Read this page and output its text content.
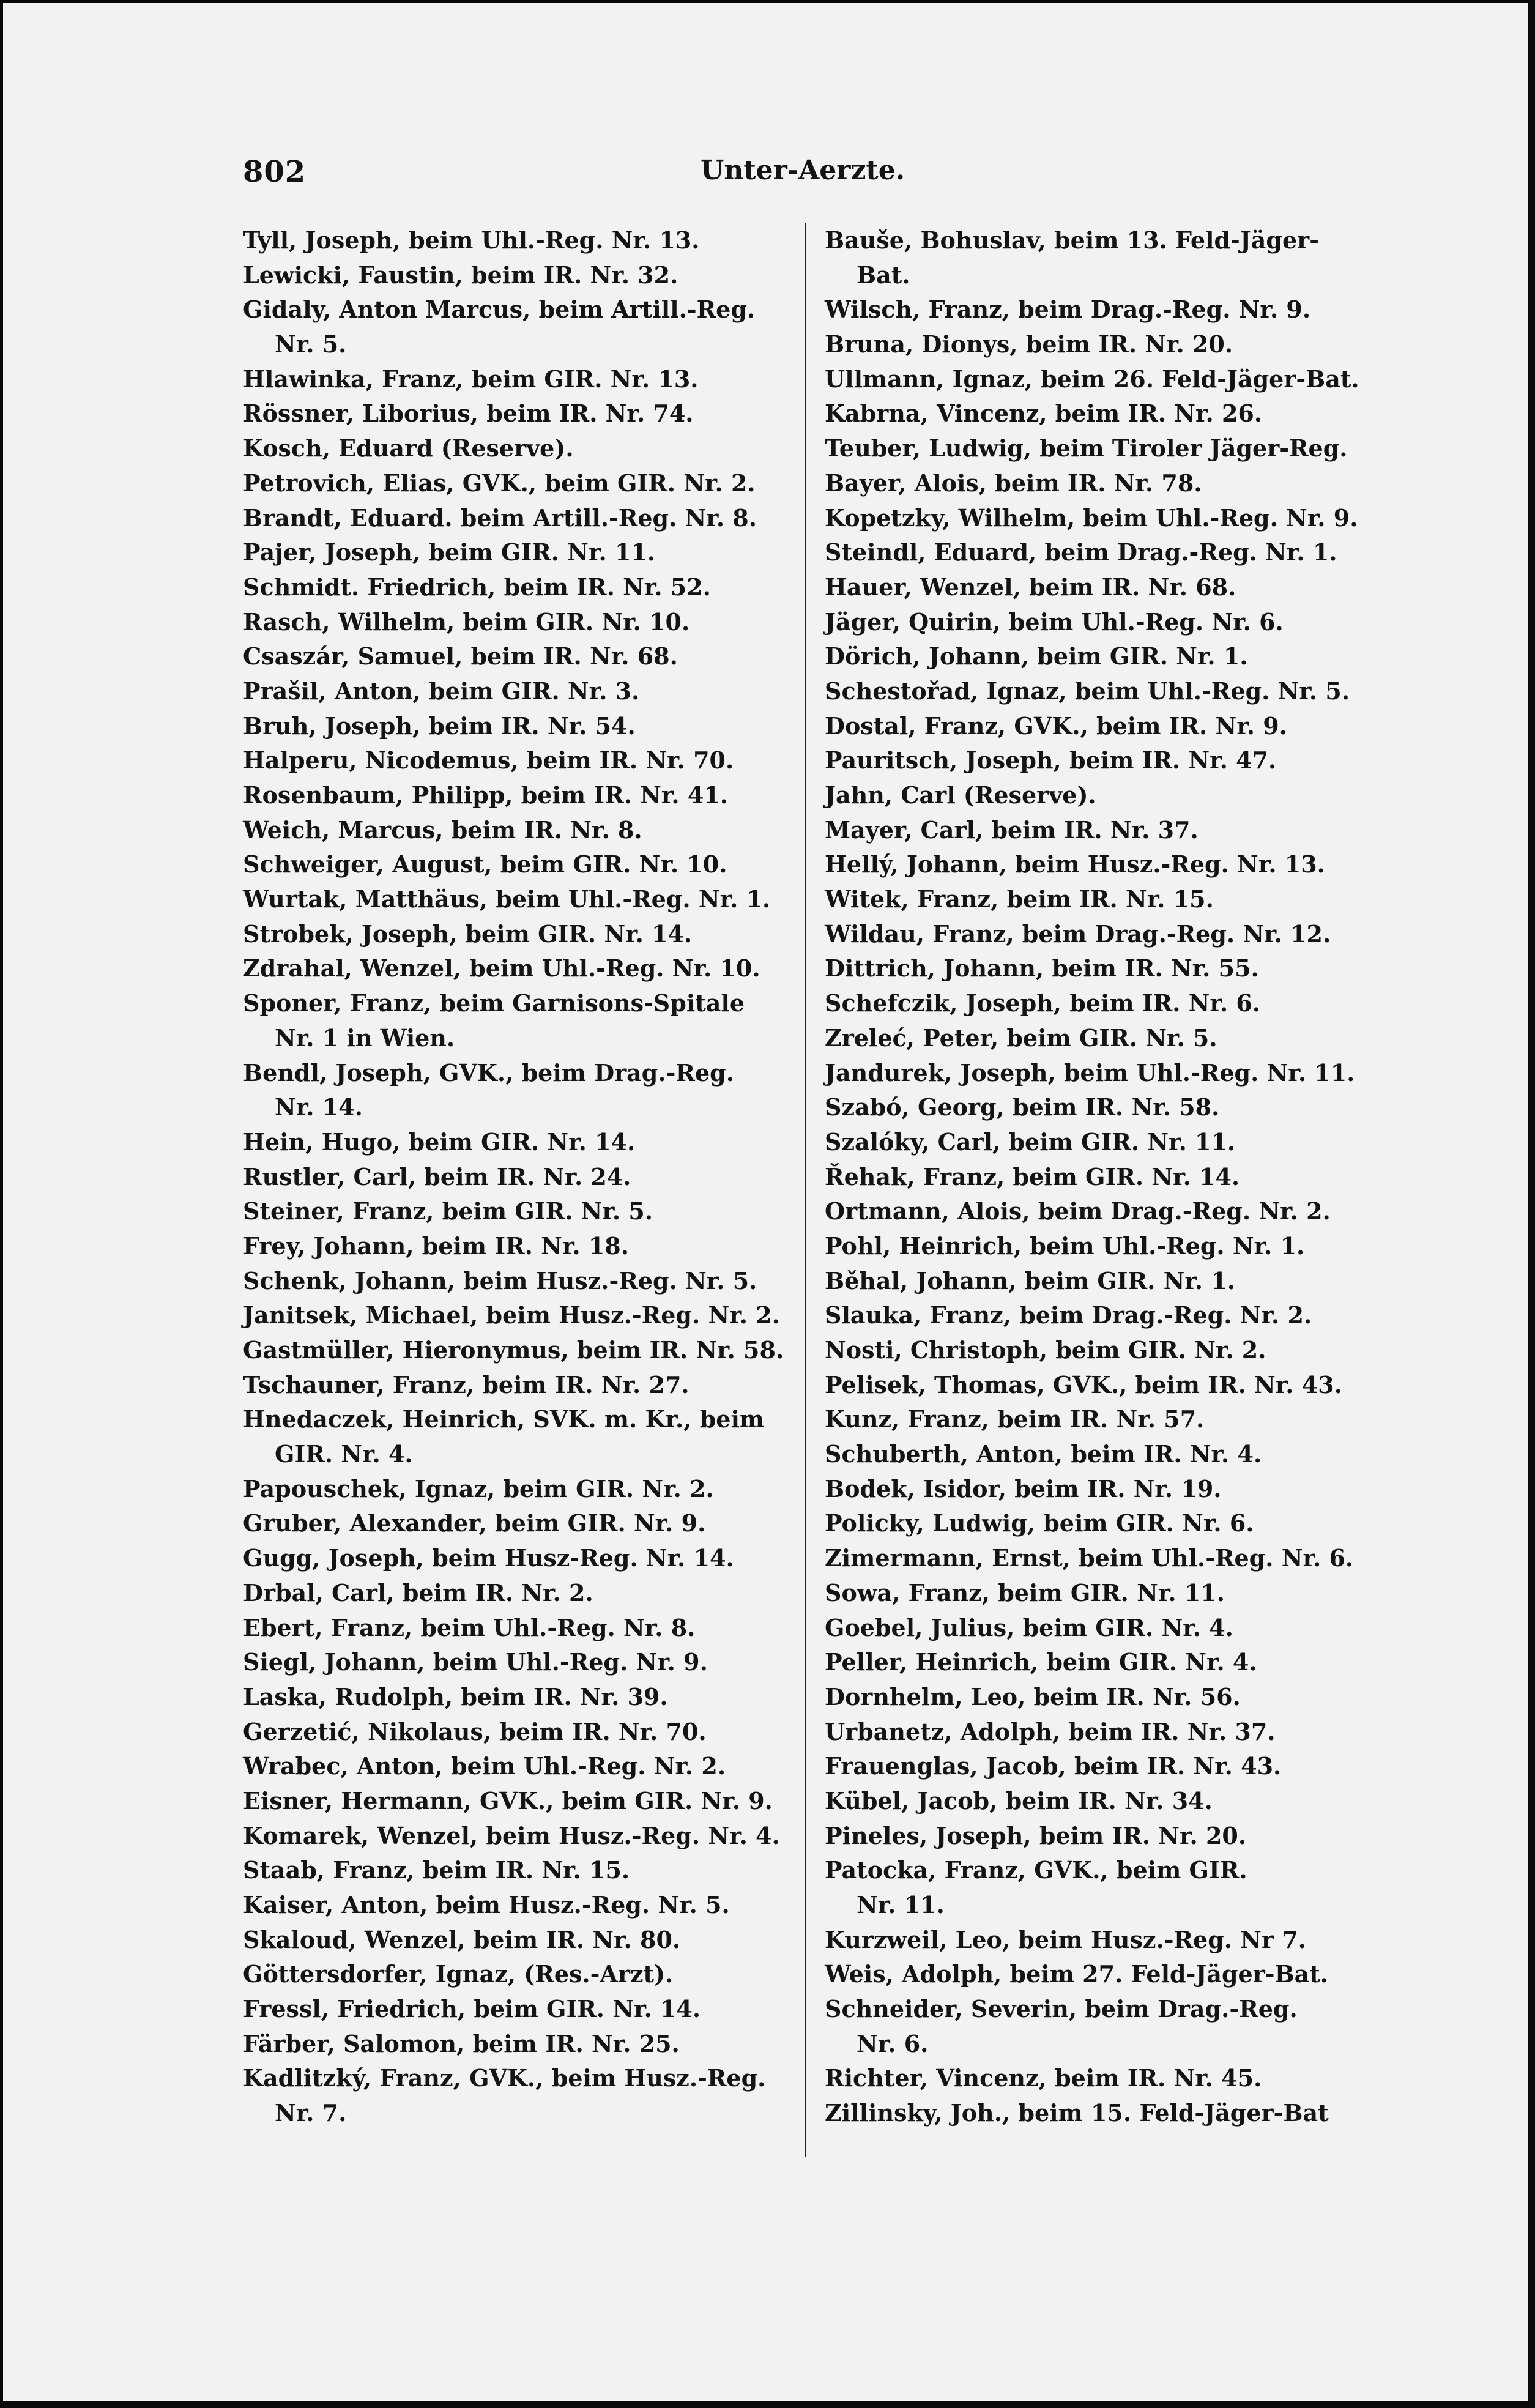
802	Unter-Aerzte.
Tyll, Joseph, beim Uhl.-Reg. Nr. 13.
Lewicki, Faustin, beim IR. Nr. 32.
Gidaly, Anton Marcus, beim Artill.-Reg.
Nr. 5.
Hlawinka, Franz, beim GIR. Nr. 13.
Rössner, Liborius, beim IR. Nr. 74.
Kosch, Eduard (Reserve).
Petrovich, Elias, GVK., beim GIR. Nr. 2.
Brandt, Eduard. beim Artill.-Reg. Nr. 8.
Pajer, Joseph, beim GIR. Nr. 11.
Schmidt. Friedrich, beim IR. Nr. 52.
Rasch, Wilhelm, beim GIR. Nr. 10.
Csaszár, Samuel, beim IR. Nr. 68.
Prašil, Anton, beim GIR. Nr. 3.
Bruh, Joseph, beim IR. Nr. 54.
Halperu, Nicodemus, beim IR. Nr. 70.
Rosenbaum, Philipp, beim IR. Nr. 41.
Weich, Marcus, beim IR. Nr. 8.
Schweiger, August, beim GIR. Nr. 10.
Wurtak, Matthäus, beim Uhl.-Reg. Nr. 1.
Strobek, Joseph, beim GIR. Nr. 14.
Zdrahal, Wenzel, beim Uhl.-Reg. Nr. 10.
Sponer, Franz, beim Garnisons-Spitale
Nr. 1 in Wien.
Bendl, Joseph, GVK., beim Drag.-Reg.
Nr. 14.
Hein, Hugo, beim GIR. Nr. 14.
Rustler, Carl, beim IR. Nr. 24.
Steiner, Franz, beim GIR. Nr. 5.
Frey, Johann, beim IR. Nr. 18.
Schenk, Johann, beim Husz.-Reg. Nr. 5.
Janitsek, Michael, beim Husz.-Reg. Nr. 2.
Gastmüller, Hieronymus, beim IR. Nr. 58.
Tschauner, Franz, beim IR. Nr. 27.
Hnedaczek, Heinrich, SVK. m. Kr., beim
GIR. Nr. 4.
Papouschek, Ignaz, beim GIR. Nr. 2.
Gruber, Alexander, beim GIR. Nr. 9.
Gugg, Joseph, beim Husz-Reg. Nr. 14.
Drbal, Carl, beim IR. Nr. 2.
Ebert, Franz, beim Uhl.-Reg. Nr. 8.
Siegl, Johann, beim Uhl.-Reg. Nr. 9.
Laska, Rudolph, beim IR. Nr. 39.
Gerzetić, Nikolaus, beim IR. Nr. 70.
Wrabec, Anton, beim Uhl.-Reg. Nr. 2.
Eisner, Hermann, GVK., beim GIR. Nr. 9.
Komarek, Wenzel, beim Husz.-Reg. Nr. 4.
Staab, Franz, beim IR. Nr. 15.
Kaiser, Anton, beim Husz.-Reg. Nr. 5.
Skaloud, Wenzel, beim IR. Nr. 80.
Göttersdorfer, Ignaz, (Res.-Arzt).
Fressl, Friedrich, beim GIR. Nr. 14.
Färber, Salomon, beim IR. Nr. 25.
Kadlitzký, Franz, GVK., beim Husz.-Reg.
Nr. 7.
Bauše, Bohuslav, beim 13. Feld-Jäger-
Bat.
Wilsch, Franz, beim Drag.-Reg. Nr. 9.
Bruna, Dionys, beim IR. Nr. 20.
Ullmann, Ignaz, beim 26. Feld-Jäger-Bat.
Kabrna, Vincenz, beim IR. Nr. 26.
Teuber, Ludwig, beim Tiroler Jäger-Reg.
Bayer, Alois, beim IR. Nr. 78.
Kopetzky, Wilhelm, beim Uhl.-Reg. Nr. 9.
Steindl, Eduard, beim Drag.-Reg. Nr. 1.
Hauer, Wenzel, beim IR. Nr. 68.
Jäger, Quirin, beim Uhl.-Reg. Nr. 6.
Dörich, Johann, beim GIR. Nr. 1.
Schestořad, Ignaz, beim Uhl.-Reg. Nr. 5.
Dostal, Franz, GVK., beim IR. Nr. 9.
Pauritsch, Joseph, beim IR. Nr. 47.
Jahn, Carl (Reserve).
Mayer, Carl, beim IR. Nr. 37.
Hellý, Johann, beim Husz.-Reg. Nr. 13.
Witek, Franz, beim IR. Nr. 15.
Wildau, Franz, beim Drag.-Reg. Nr. 12.
Dittrich, Johann, beim IR. Nr. 55.
Schefczik, Joseph, beim IR. Nr. 6.
Zreleć, Peter, beim GIR. Nr. 5.
Jandurek, Joseph, beim Uhl.-Reg. Nr. 11.
Szabó, Georg, beim IR. Nr. 58.
Szalóky, Carl, beim GIR. Nr. 11.
Řehak, Franz, beim GIR. Nr. 14.
Ortmann, Alois, beim Drag.-Reg. Nr. 2.
Pohl, Heinrich, beim Uhl.-Reg. Nr. 1.
Běhal, Johann, beim GIR. Nr. 1.
Slauka, Franz, beim Drag.-Reg. Nr. 2.
Nosti, Christoph, beim GIR. Nr. 2.
Pelisek, Thomas, GVK., beim IR. Nr. 43.
Kunz, Franz, beim IR. Nr. 57.
Schuberth, Anton, beim IR. Nr. 4.
Bodek, Isidor, beim IR. Nr. 19.
Policky, Ludwig, beim GIR. Nr. 6.
Zimermann, Ernst, beim Uhl.-Reg. Nr. 6.
Sowa, Franz, beim GIR. Nr. 11.
Goebel, Julius, beim GIR. Nr. 4.
Peller, Heinrich, beim GIR. Nr. 4.
Dornhelm, Leo, beim IR. Nr. 56.
Urbanetz, Adolph, beim IR. Nr. 37.
Frauenglas, Jacob, beim IR. Nr. 43.
Kübel, Jacob, beim IR. Nr. 34.
Pineles, Joseph, beim IR. Nr. 20.
Patocka, Franz, GVK., beim GIR.
Nr. 11.
Kurzweil, Leo, beim Husz.-Reg. Nr 7.
Weis, Adolph, beim 27. Feld-Jäger-Bat.
Schneider, Severin, beim Drag.-Reg.
Nr. 6.
Richter, Vincenz, beim IR. Nr. 45.
Zillinsky, Joh., beim 15. Feld-Jäger-Bat
